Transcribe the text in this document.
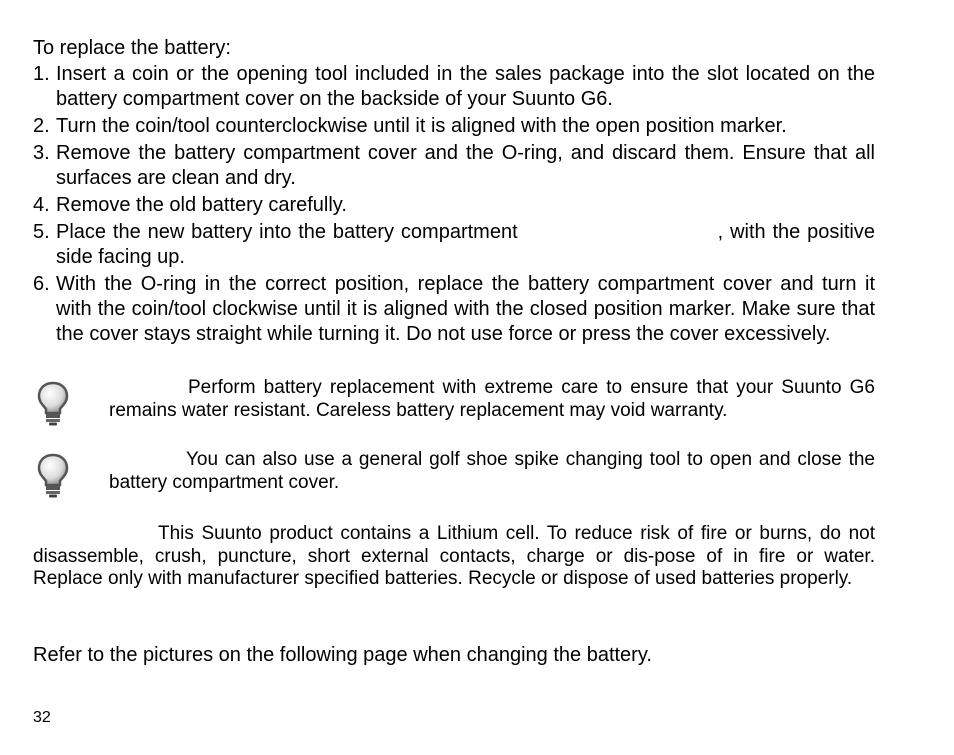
To replace the battery:
1. Insert a coin or the opening tool included in the sales package into the slot located on the battery compartment cover on the backside of your Suunto G6.
2. Turn the coin/tool counterclockwise until it is aligned with the open position marker.
3. Remove the battery compartment cover and the O-ring, and discard them. Ensure that all surfaces are clean and dry.
4. Remove the old battery carefully.
5. Place the new battery into the battery compartment	, with the positive side facing up.
6. With the O-ring in the correct position, replace the battery compartment cover and turn it with the coin/tool clockwise until it is aligned with the closed position marker. Make sure that the cover stays straight while turning it. Do not use force or press the cover excessively.
Perform battery replacement with extreme care to ensure that your Suunto G6 remains water resistant. Careless battery replacement may void warranty.
You can also use a general golf shoe spike changing tool to open and close the battery compartment cover.
This Suunto product contains a Lithium cell. To reduce risk of fire or burns, do not disassemble, crush, puncture, short external contacts, charge or dis-pose of in fire or water. Replace only with manufacturer specified batteries. Recycle or dispose of used batteries properly.
Refer to the pictures on the following page when changing the battery.
32
